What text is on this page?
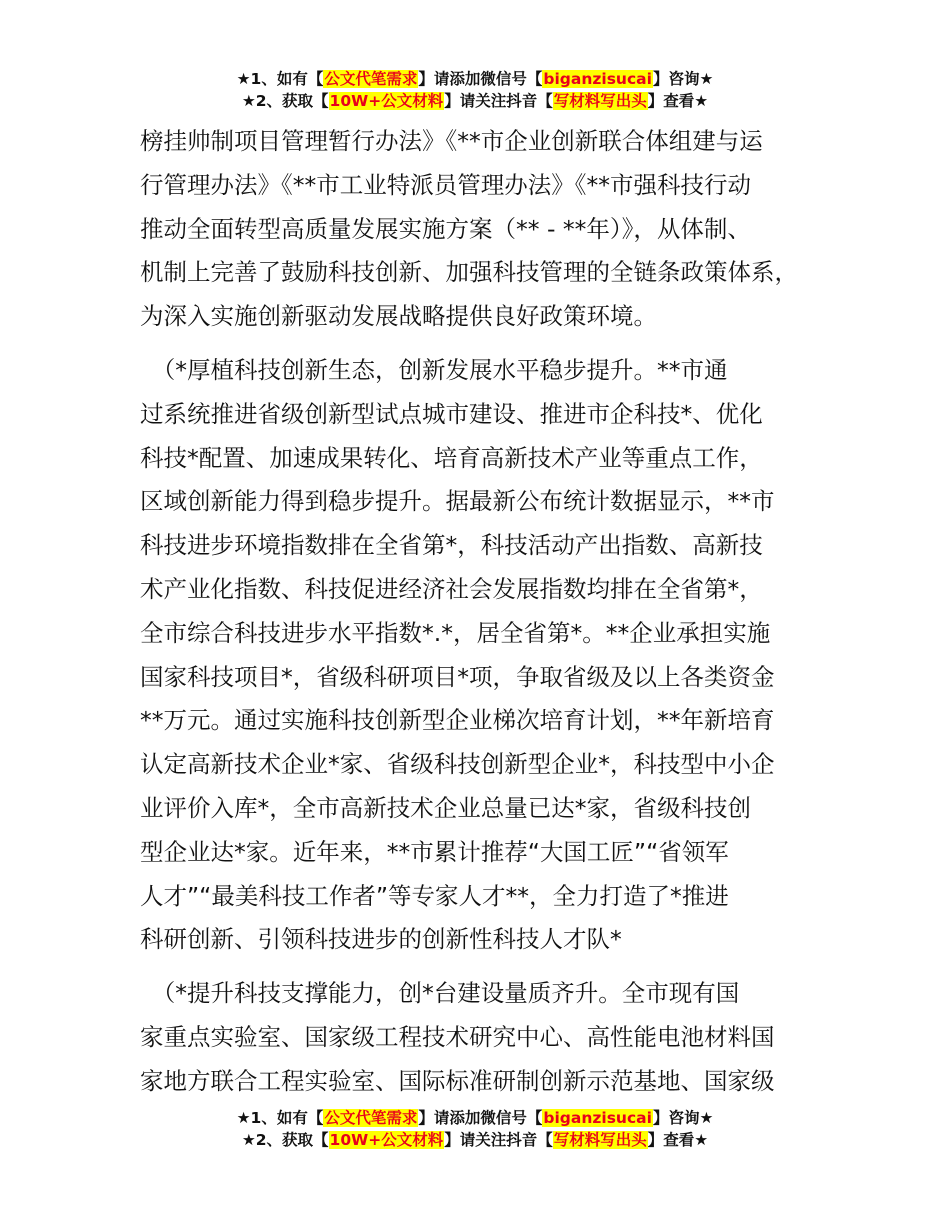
★1、如有【公文代笔需求】请添加微信号【biganzisucai】咨询★
★2、获取【10W+公文材料】请关注抖音【写材料写出头】查看★

榜挂帅制项目管理暂行办法》《**市企业创新联合体组建与运
行管理办法》《**市工业特派员管理办法》《**市强科技行动
推动全面转型高质量发展实施方案（** - **年）》，从体制、
机制上完善了鼓励科技创新、加强科技管理的全链条政策体系，
为深入实施创新驱动发展战略提供良好政策环境。

　（*厚植科技创新生态，创新发展水平稳步提升。**市通
过系统推进省级创新型试点城市建设、推进市企科技*、优化
科技*配置、加速成果转化、培育高新技术产业等重点工作，
区域创新能力得到稳步提升。据最新公布统计数据显示，**市
科技进步环境指数排在全省第*，科技活动产出指数、高新技
术产业化指数、科技促进经济社会发展指数均排在全省第*，
全市综合科技进步水平指数*.*，居全省第*。**企业承担实施
国家科技项目*，省级科研项目*项，争取省级及以上各类资金
**万元。通过实施科技创新型企业梯次培育计划，**年新培育
认定高新技术企业*家、省级科技创新型企业*，科技型中小企
业评价入库*，全市高新技术企业总量已达*家，省级科技创
型企业达*家。近年来，**市累计推荐“大国工匠”“省领军
人才”“最美科技工作者”等专家人才**，全力打造了*推进
科研创新、引领科技进步的创新性科技人才队*

　（*提升科技支撑能力，创*台建设量质齐升。全市现有国
家重点实验室、国家级工程技术研究中心、高性能电池材料国
家地方联合工程实验室、国际标准研制创新示范基地、国家级

★1、如有【公文代笔需求】请添加微信号【biganzisucai】咨询★
★2、获取【10W+公文材料】请关注抖音【写材料写出头】查看★
